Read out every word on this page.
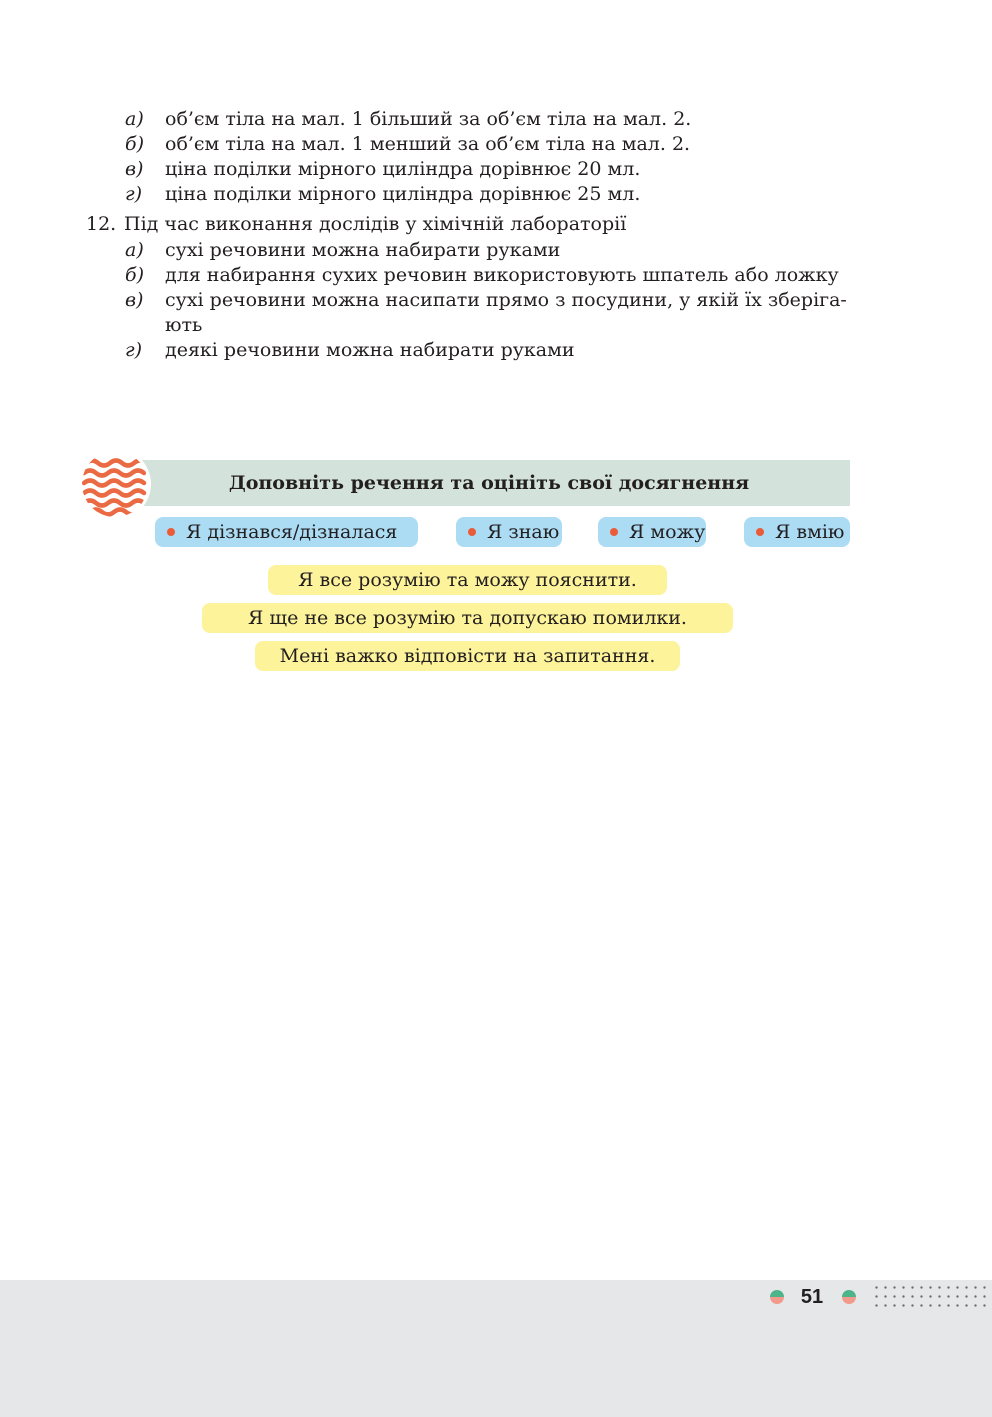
а)	об’єм тіла на мал. 1 більший за об’єм тіла на мал. 2.
б)	об’єм тіла на мал. 1 менший за об’єм тіла на мал. 2.
в)	ціна поділки мірного циліндра дорівнює 20 мл.
г)	ціна поділки мірного циліндра дорівнює 25 мл.
12. Під час виконання дослідів у хімічній лабораторії
а)	сухі речовини можна набирати руками
б)	для набирання сухих речовин використовують шпатель або ложку
в)	сухі речовини можна насипати прямо з посудини, у якій їх зберіга-
ють
г)	деякі речовини можна набирати руками
Доповніть речення та оцініть свої досягнення
Я дізнався/дізналася	Я знаю	Я можу	Я вмію
Я все розумію та можу пояснити.
Я ще не все розумію та допускаю помилки.
Мені важко відповісти на запитання.
51
